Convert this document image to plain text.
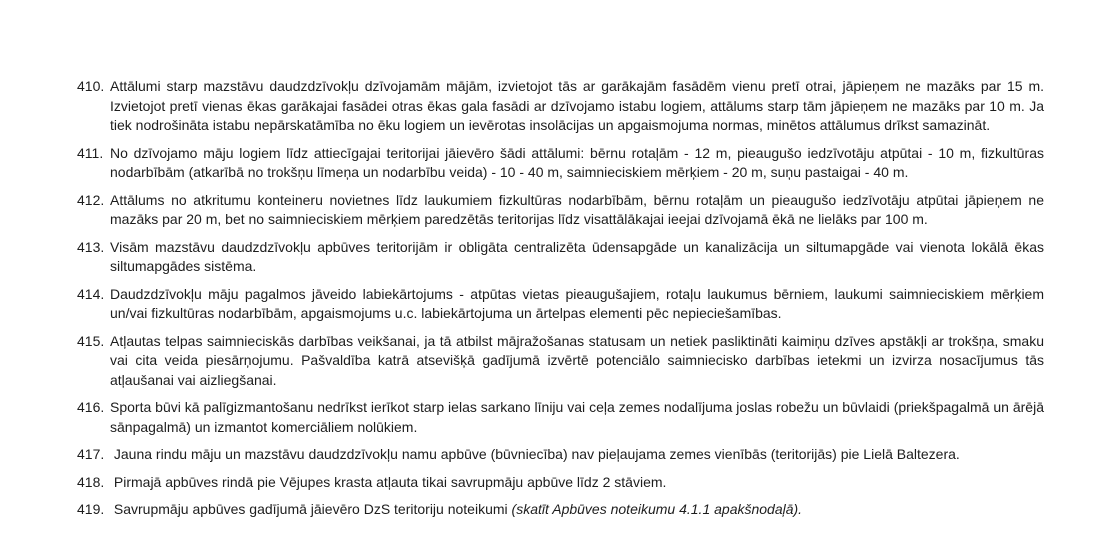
410. Attālumi starp mazstāvu daudzdzīvokļu dzīvojamām mājām, izvietojot tās ar garākajām fasādēm vienu pretī otrai, jāpieņem ne mazāks par 15 m. Izvietojot pretī vienas ēkas garākajai fasādei otras ēkas gala fasādi ar dzīvojamo istabu logiem, attālums starp tām jāpieņem ne mazāks par 10 m. Ja tiek nodrošināta istabu nepārskatāmība no ēku logiem un ievērotas insolācijas un apgaismojuma normas, minētos attālumus drīkst samazināt.
411. No dzīvojamo māju logiem līdz attiecīgajai teritorijai jāievēro šādi attālumi: bērnu rotaļām - 12 m, pieaugušo iedzīvotāju atpūtai - 10 m, fizkultūras nodarbībām (atkarībā no trokšņu līmeņa un nodarbību veida) - 10 - 40 m, saimnieciskiem mērķiem - 20 m, suņu pastaigai - 40 m.
412. Attālums no atkritumu konteineru novietnes līdz laukumiem fizkultūras nodarbībām, bērnu rotaļām un pieaugušo iedzīvotāju atpūtai jāpieņem ne mazāks par 20 m, bet no saimnieciskiem mērķiem paredzētās teritorijas līdz visattālākajai ieejai dzīvojamā ēkā ne lielāks par 100 m.
413. Visām mazstāvu daudzdzīvokļu apbūves teritorijām ir obligāta centralizēta ūdensapgāde un kanalizācija un siltumapgāde vai vienota lokālā ēkas siltumapgādes sistēma.
414. Daudzdzīvokļu māju pagalmos jāveido labiekārtojums - atpūtas vietas pieaugušajiem, rotaļu laukumus bērniem, laukumi saimnieciskiem mērķiem un/vai fizkultūras nodarbībām, apgaismojums u.c. labiekārtojuma un ārtelpas elementi pēc nepieciešamības.
415. Atļautas telpas saimnieciskās darbības veikšanai, ja tā atbilst mājražošanas statusam un netiek pasliktināti kaimiņu dzīves apstākļi ar trokšņa, smaku vai cita veida piesārņojumu. Pašvaldība katrā atsevišķā gadījumā izvērtē potenciālo saimniecisko darbības ietekmi un izvirza nosacījumus tās atļaušanai vai aizliegšanai.
416. Sporta būvi kā palīgizmantošanu nedrīkst ierīkot starp ielas sarkano līniju vai ceļa zemes nodalījuma joslas robežu un būvlaidi (priekšpagalmā un ārējā sānpagalmā) un izmantot komerciāliem nolūkiem.
417. Jauna rindu māju un mazstāvu daudzdzīvokļu namu apbūve (būvniecība) nav pieļaujama zemes vienībās (teritorijās) pie Lielā Baltezera.
418. Pirmajā apbūves rindā pie Vējupes krasta atļauta tikai savrupmāju apbūve līdz 2 stāviem.
419. Savrupmāju apbūves gadījumā jāievēro DzS teritoriju noteikumi (skatīt Apbūves noteikumu 4.1.1 apakšnodaļā).
